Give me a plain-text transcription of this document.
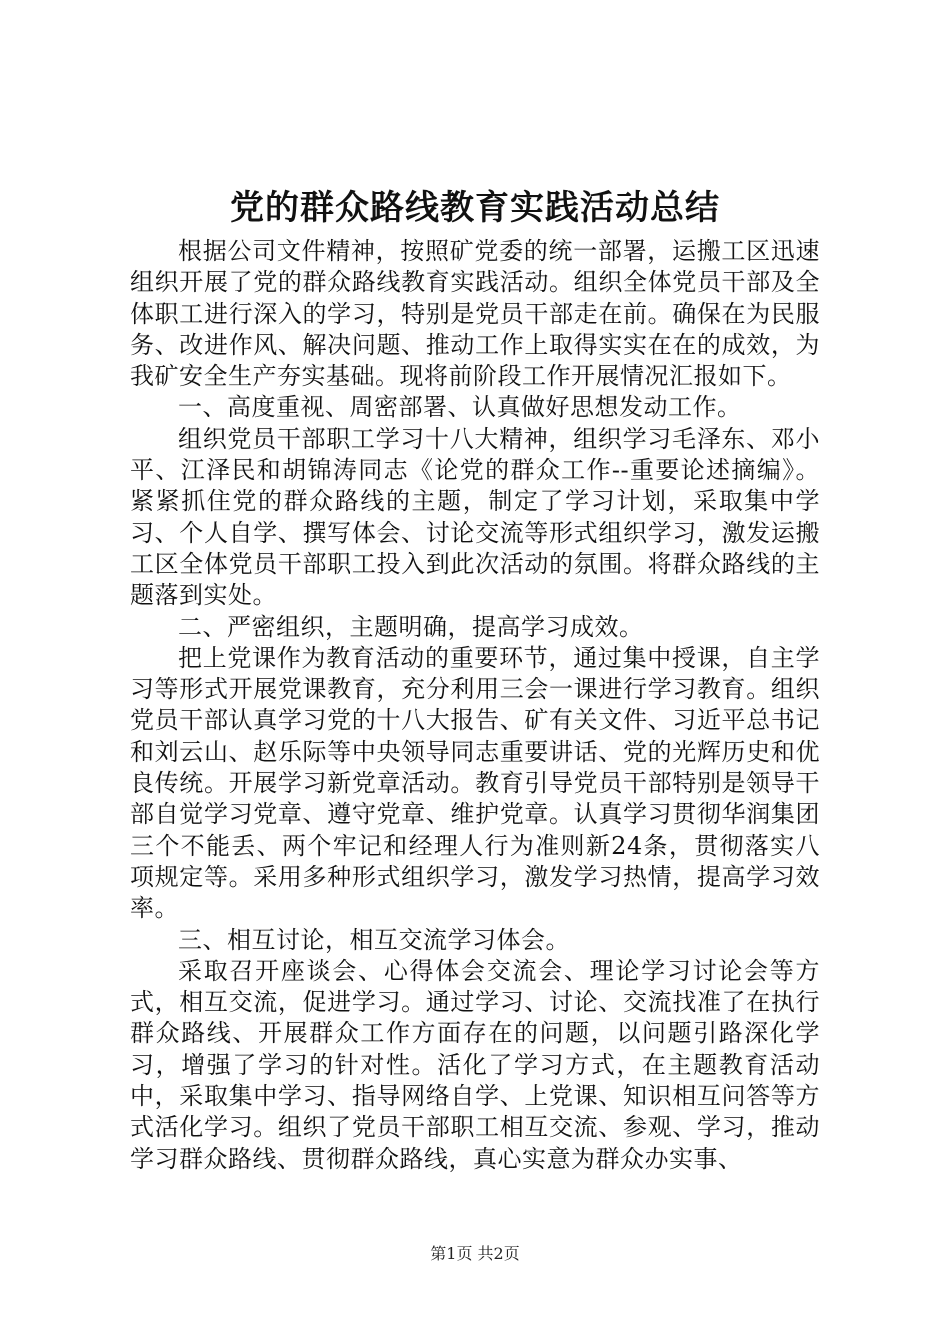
党的群众路线教育实践活动总结

根据公司文件精神，按照矿党委的统一部署，运搬工区迅速组织开展了党的群众路线教育实践活动。组织全体党员干部及全体职工进行深入的学习，特别是党员干部走在前。确保在为民服务、改进作风、解决问题、推动工作上取得实实在在的成效，为我矿安全生产夯实基础。现将前阶段工作开展情况汇报如下。

一、高度重视、周密部署、认真做好思想发动工作。

组织党员干部职工学习十八大精神，组织学习毛泽东、邓小平、江泽民和胡锦涛同志《论党的群众工作--重要论述摘编》。紧紧抓住党的群众路线的主题，制定了学习计划，采取集中学习、个人自学、撰写体会、讨论交流等形式组织学习，激发运搬工区全体党员干部职工投入到此次活动的氛围。将群众路线的主题落到实处。

二、严密组织，主题明确，提高学习成效。

把上党课作为教育活动的重要环节，通过集中授课，自主学习等形式开展党课教育，充分利用三会一课进行学习教育。组织党员干部认真学习党的十八大报告、矿有关文件、习近平总书记和刘云山、赵乐际等中央领导同志重要讲话、党的光辉历史和优良传统。开展学习新党章活动。教育引导党员干部特别是领导干部自觉学习党章、遵守党章、维护党章。认真学习贯彻华润集团三个不能丢、两个牢记和经理人行为准则新24条，贯彻落实八项规定等。采用多种形式组织学习，激发学习热情，提高学习效率。

三、相互讨论，相互交流学习体会。

采取召开座谈会、心得体会交流会、理论学习讨论会等方式，相互交流，促进学习。通过学习、讨论、交流找准了在执行群众路线、开展群众工作方面存在的问题，以问题引路深化学习，增强了学习的针对性。活化了学习方式，在主题教育活动中，采取集中学习、指导网络自学、上党课、知识相互问答等方式活化学习。组织了党员干部职工相互交流、参观、学习，推动学习群众路线、贯彻群众路线，真心实意为群众办实事、

第1页 共2页
